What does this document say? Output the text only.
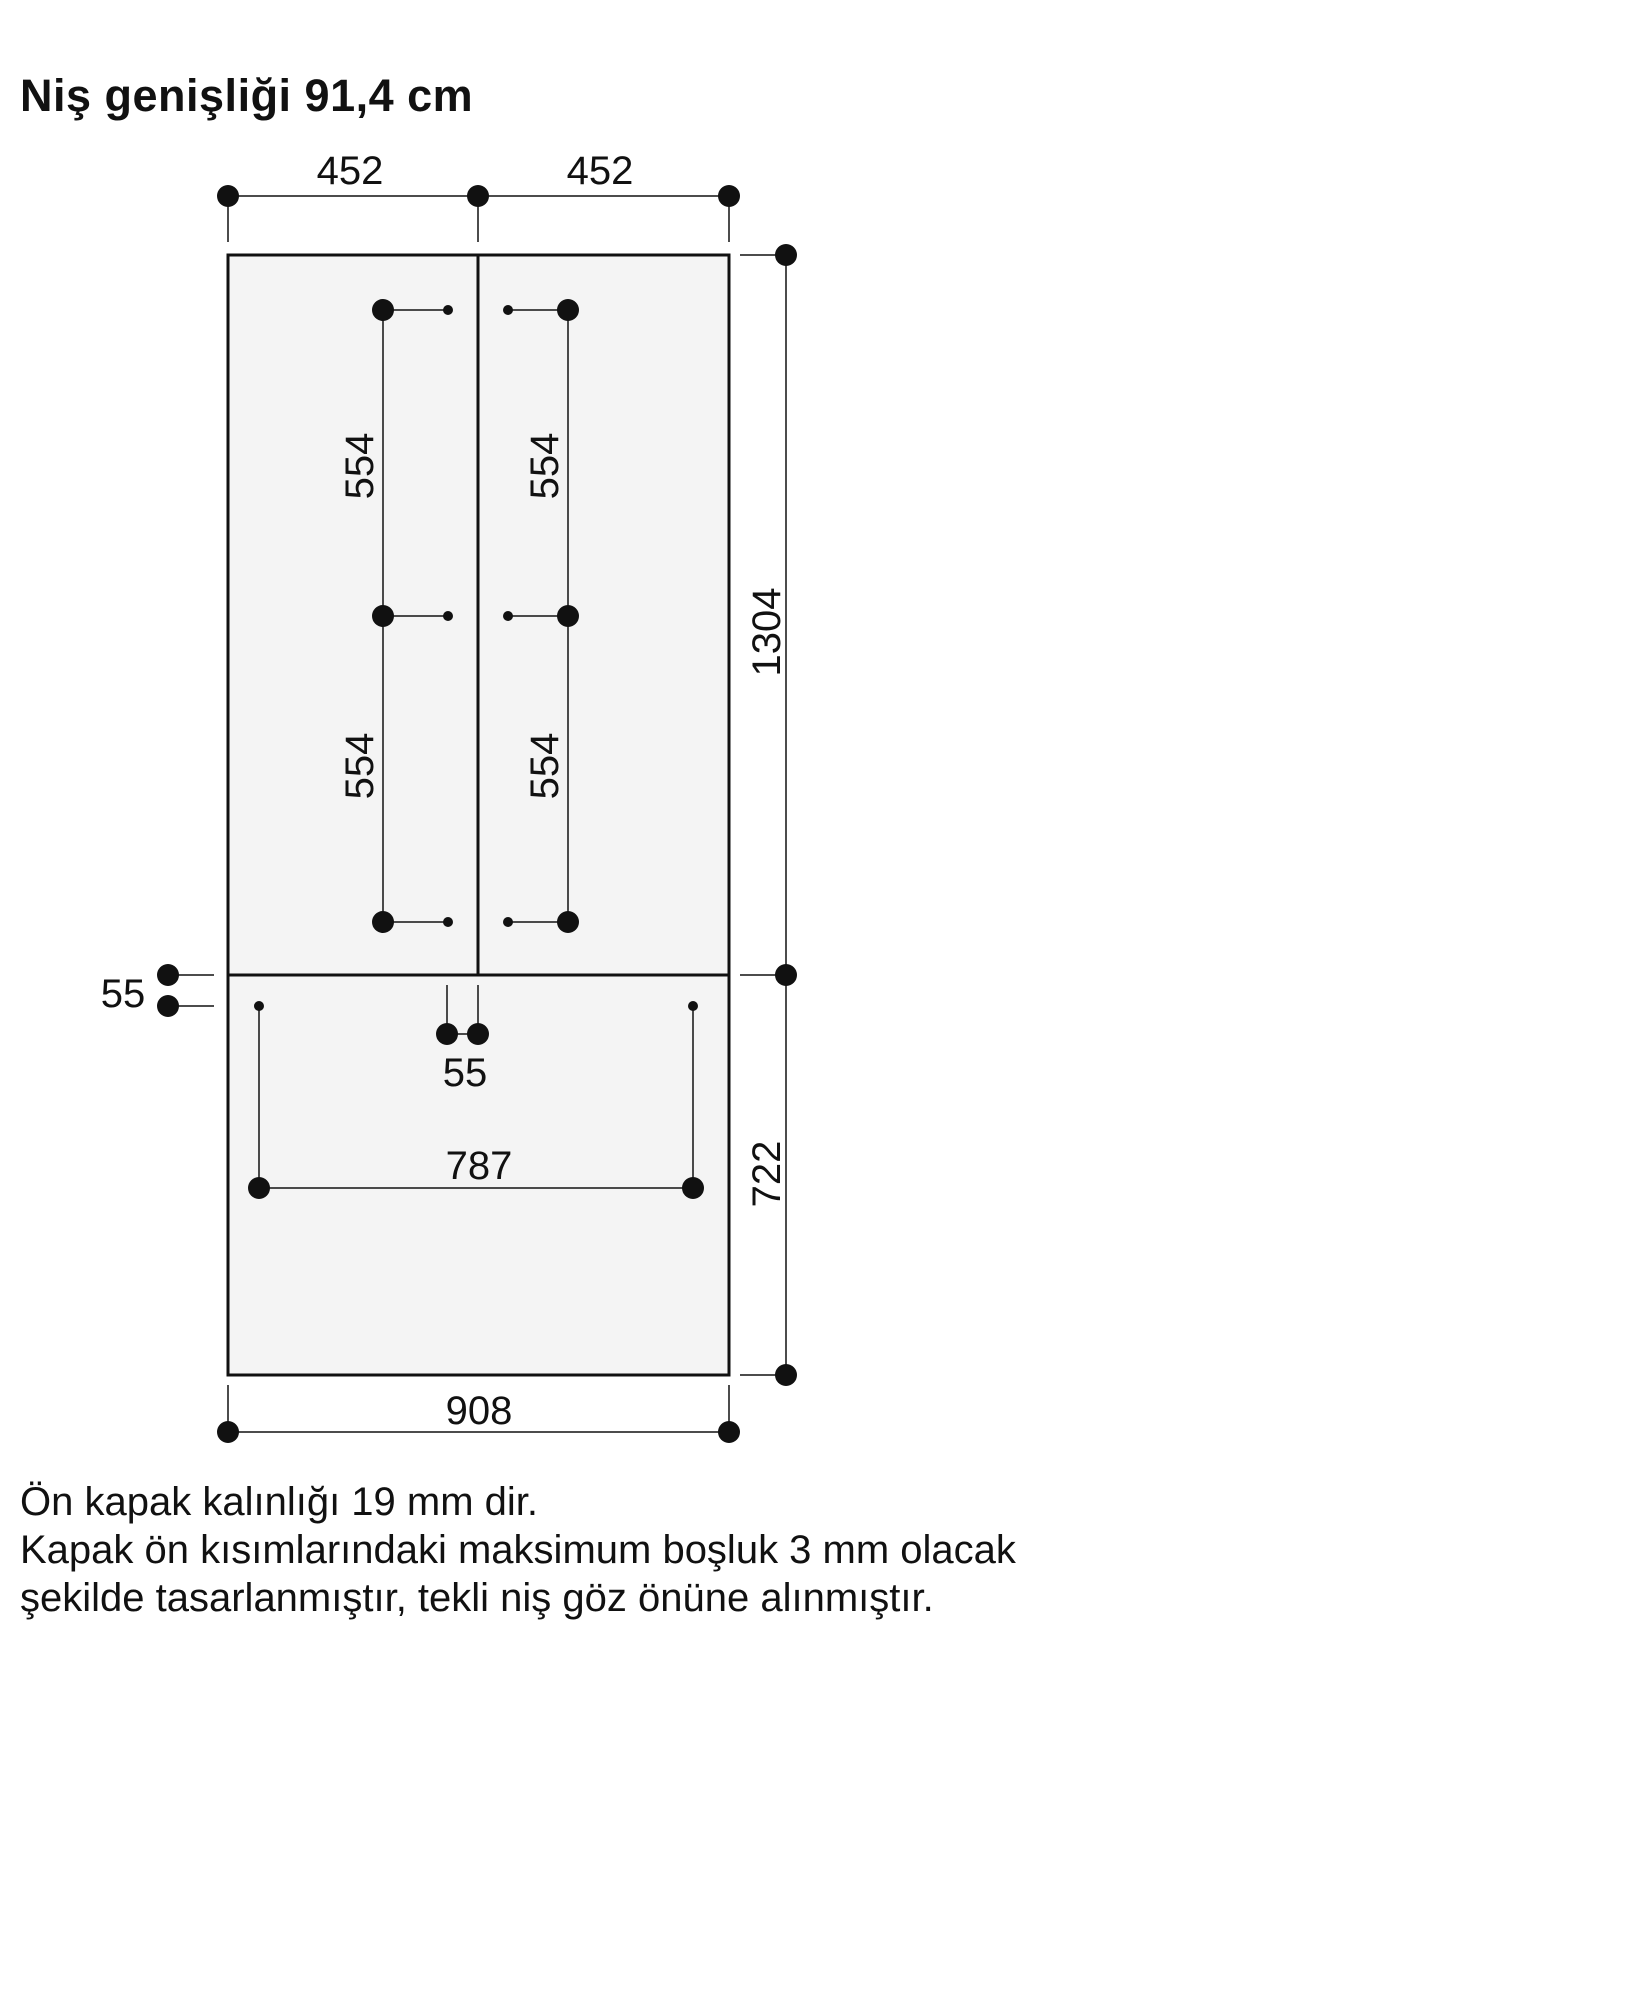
Niş genişliği 91,4 cm
452	452
1304
554
554
554
554
55
55
787	722
908

Ön kapak kalınlığı 19 mm dir.

Kapak ön kısımlarındaki maksimum boşluk 3 mm olacak

şekilde tasarlanmıştır, tekli niş göz önüne alınmıştır.
